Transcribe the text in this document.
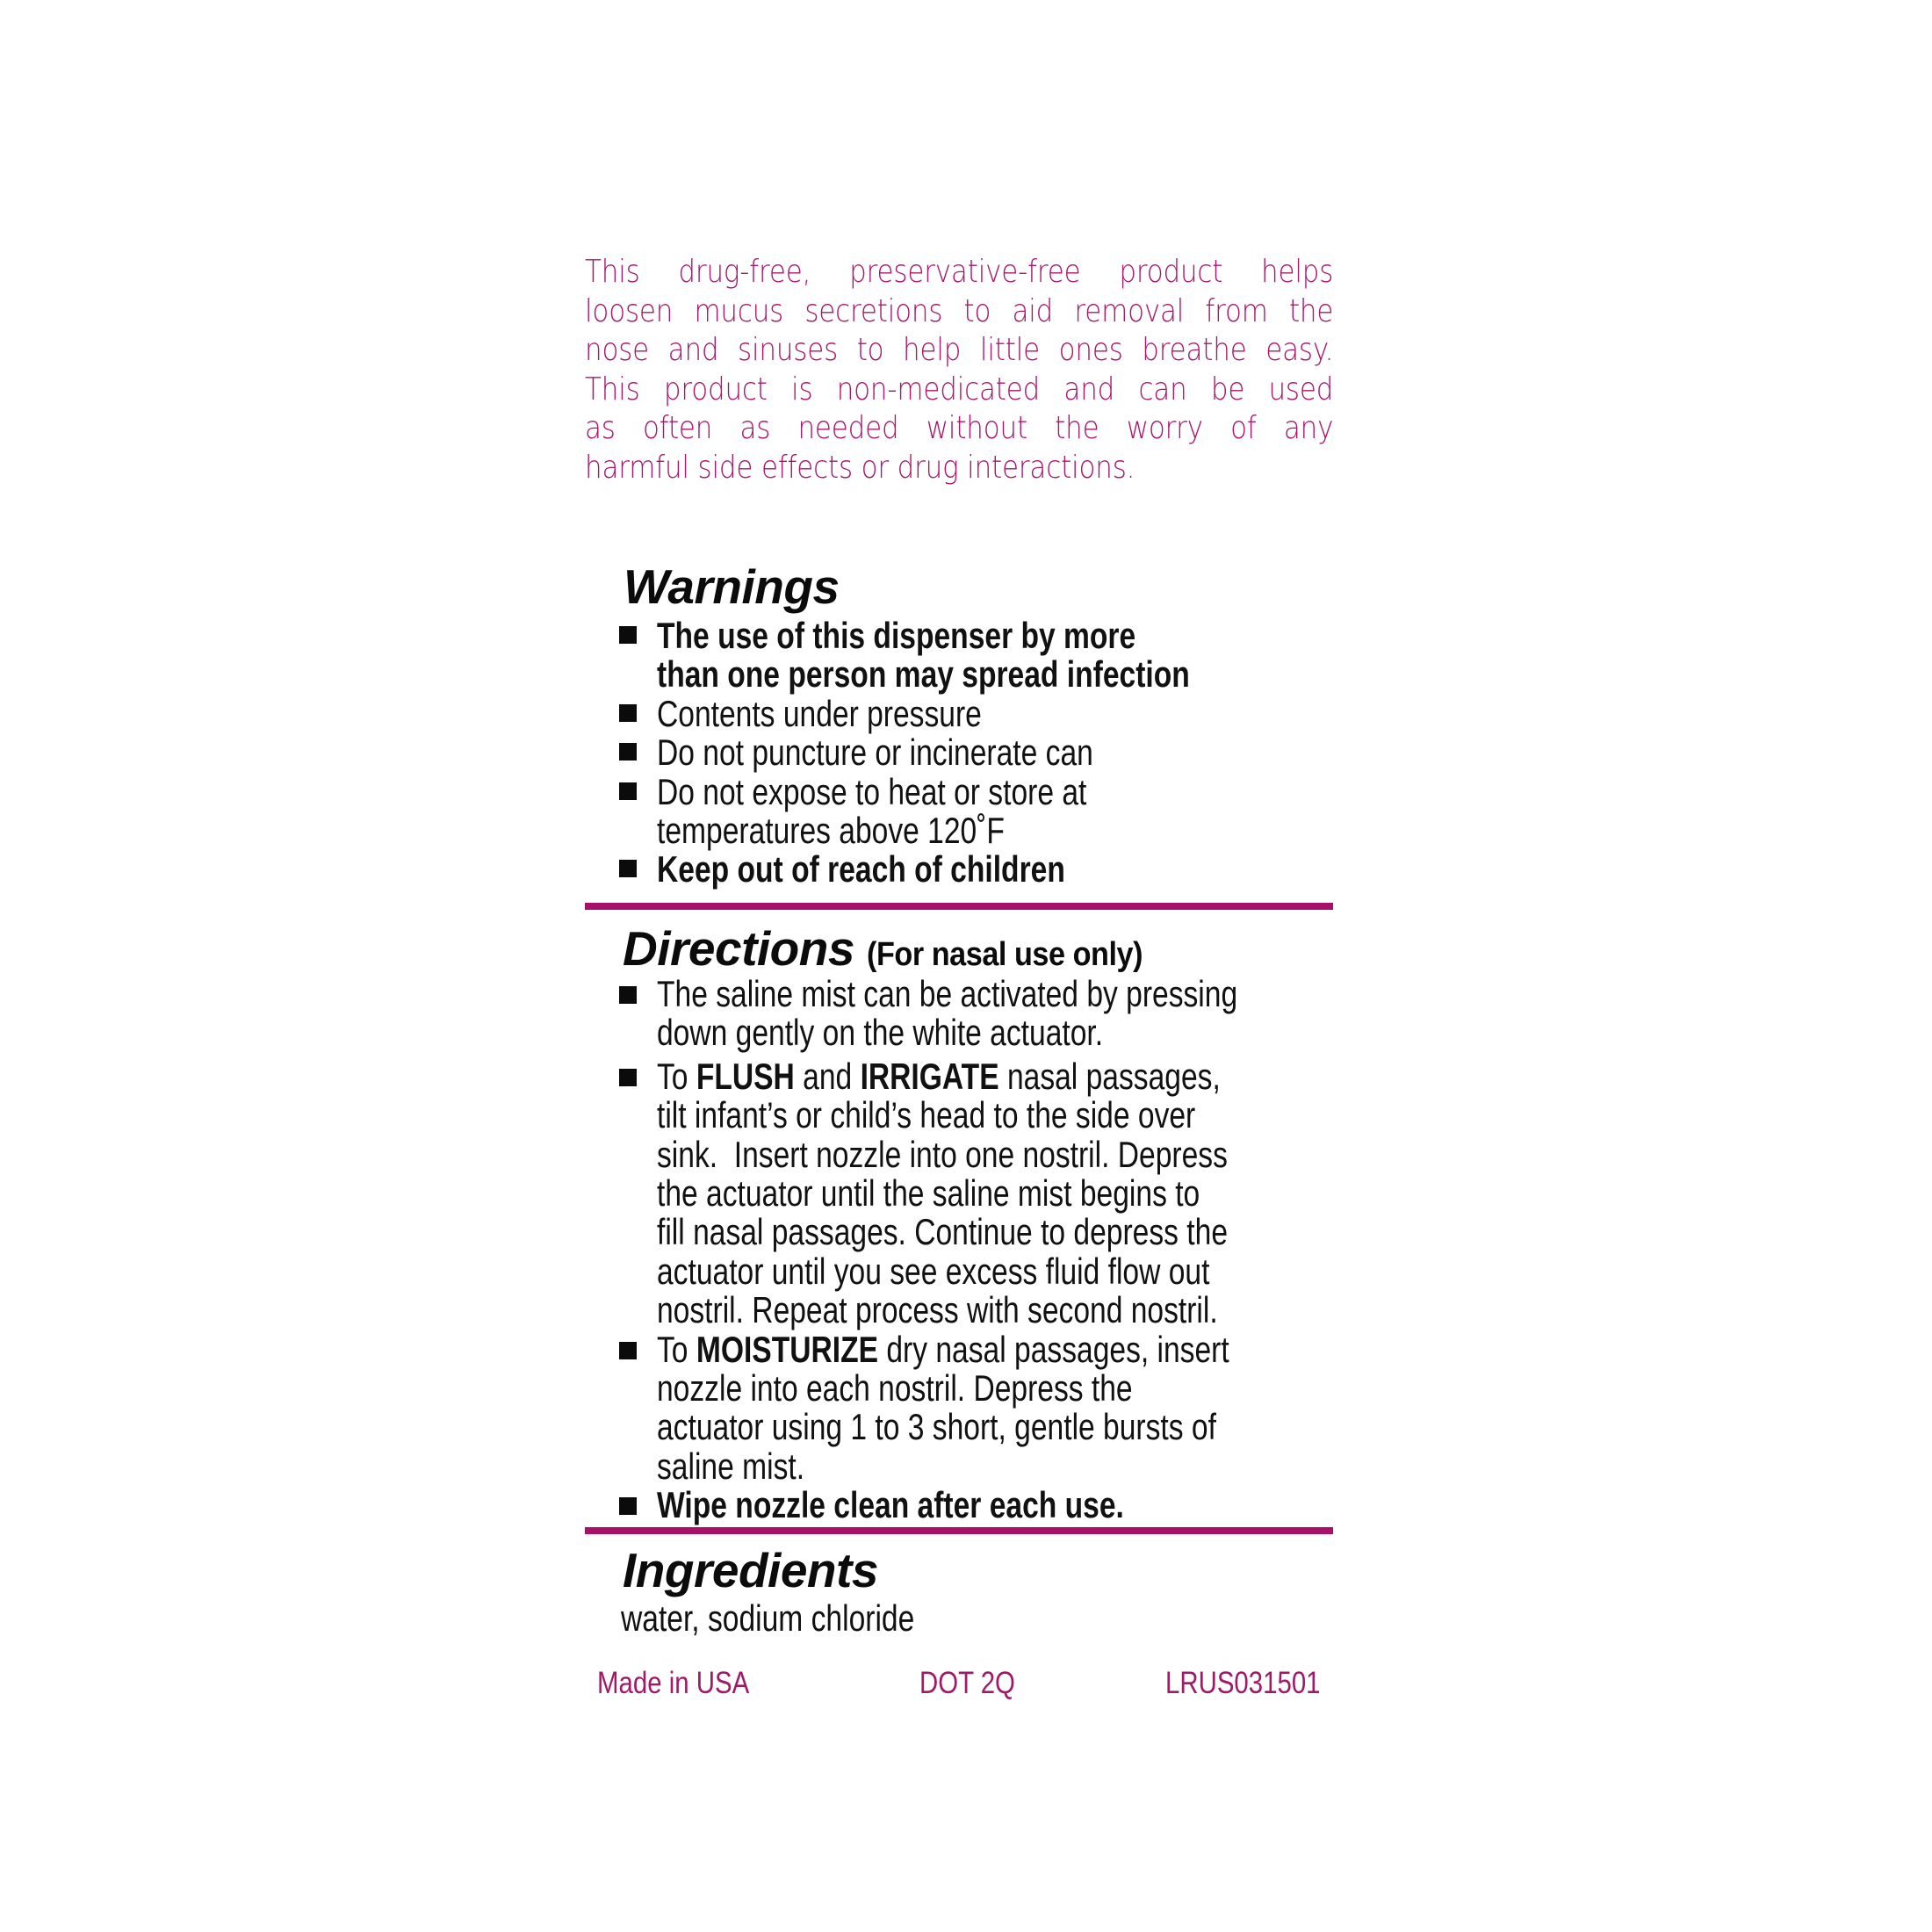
This drug-free, preservative-free product helps
loosen mucus secretions to aid removal from the
nose and sinuses to help little ones breathe easy.
This product is non-medicated and can be used
as often as needed without the worry of any
harmful side effects or drug interactions.
Warnings
The use of this dispenser by more
than one person may spread infection
Contents under pressure
Do not puncture or incinerate can
Do not expose to heat or store at
temperatures above 120˚F
Keep out of reach of children
Directions (For nasal use only)
The saline mist can be activated by pressing
down gently on the white actuator.
To FLUSH and IRRIGATE nasal passages,
tilt infant’s or child’s head to the side over
sink.  Insert nozzle into one nostril. Depress
the actuator until the saline mist begins to
fill nasal passages. Continue to depress the
actuator until you see excess fluid flow out
nostril. Repeat process with second nostril.
To MOISTURIZE dry nasal passages, insert
nozzle into each nostril. Depress the
actuator using 1 to 3 short, gentle bursts of
saline mist.
Wipe nozzle clean after each use.
Ingredients
water, sodium chloride
Made in USA	DOT 2Q	LRUS031501
